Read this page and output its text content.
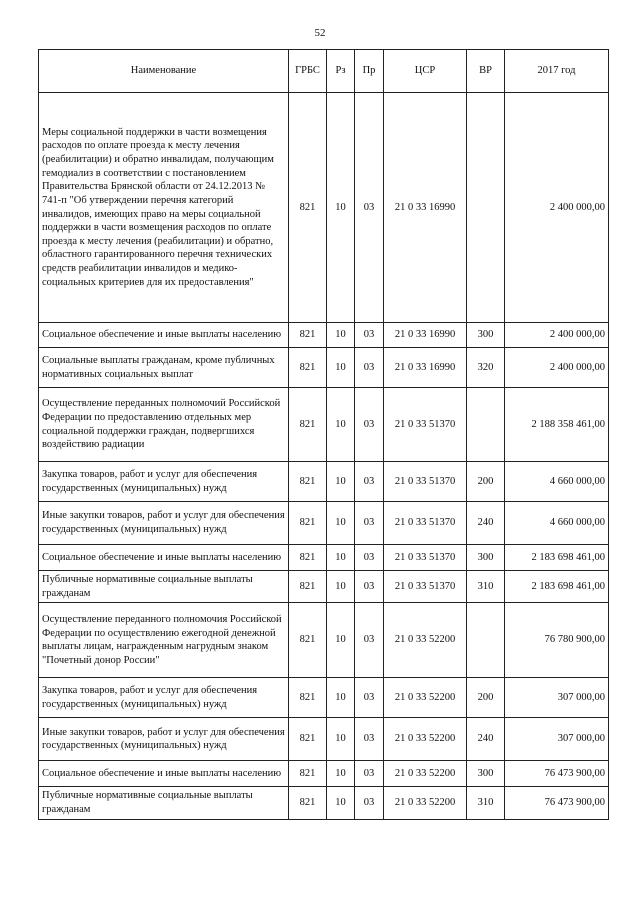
52
Наименование	ГРБС	Рз	Пр	ЦСР	ВР	2017 год
Меры социальной поддержки в части возмещения расходов по оплате проезда к месту лечения (реабилитации) и обратно инвалидам, получающим гемодиализ в соответствии с постановлением Правительства Брянской области от 24.12.2013 № 741-п "Об утверждении перечня категорий инвалидов, имеющих право на меры социальной поддержки в части возмещения расходов по оплате проезда к месту лечения (реабилитации) и обратно, областного гарантированного перечня технических средств реабилитации инвалидов и медико-социальных критериев для их предоставления"	821	10	03	21 0 33 16990		2 400 000,00
Социальное обеспечение и иные выплаты населению	821	10	03	21 0 33 16990	300	2 400 000,00
Социальные выплаты гражданам, кроме публичных нормативных социальных выплат	821	10	03	21 0 33 16990	320	2 400 000,00
Осуществление переданных полномочий Российской Федерации по предоставлению отдельных мер социальной поддержки граждан, подвергшихся воздействию радиации	821	10	03	21 0 33 51370		2 188 358 461,00
Закупка товаров, работ и услуг для обеспечения государственных (муниципальных) нужд	821	10	03	21 0 33 51370	200	4 660 000,00
Иные закупки товаров, работ и услуг для обеспечения государственных (муниципальных) нужд	821	10	03	21 0 33 51370	240	4 660 000,00
Социальное обеспечение и иные выплаты населению	821	10	03	21 0 33 51370	300	2 183 698 461,00
Публичные нормативные социальные выплаты гражданам	821	10	03	21 0 33 51370	310	2 183 698 461,00
Осуществление переданного полномочия Российской Федерации по осуществлению ежегодной денежной выплаты лицам, награжденным нагрудным знаком "Почетный донор России"	821	10	03	21 0 33 52200		76 780 900,00
Закупка товаров, работ и услуг для обеспечения государственных (муниципальных) нужд	821	10	03	21 0 33 52200	200	307 000,00
Иные закупки товаров, работ и услуг для обеспечения государственных (муниципальных) нужд	821	10	03	21 0 33 52200	240	307 000,00
Социальное обеспечение и иные выплаты населению	821	10	03	21 0 33 52200	300	76 473 900,00
Публичные нормативные социальные выплаты гражданам	821	10	03	21 0 33 52200	310	76 473 900,00
